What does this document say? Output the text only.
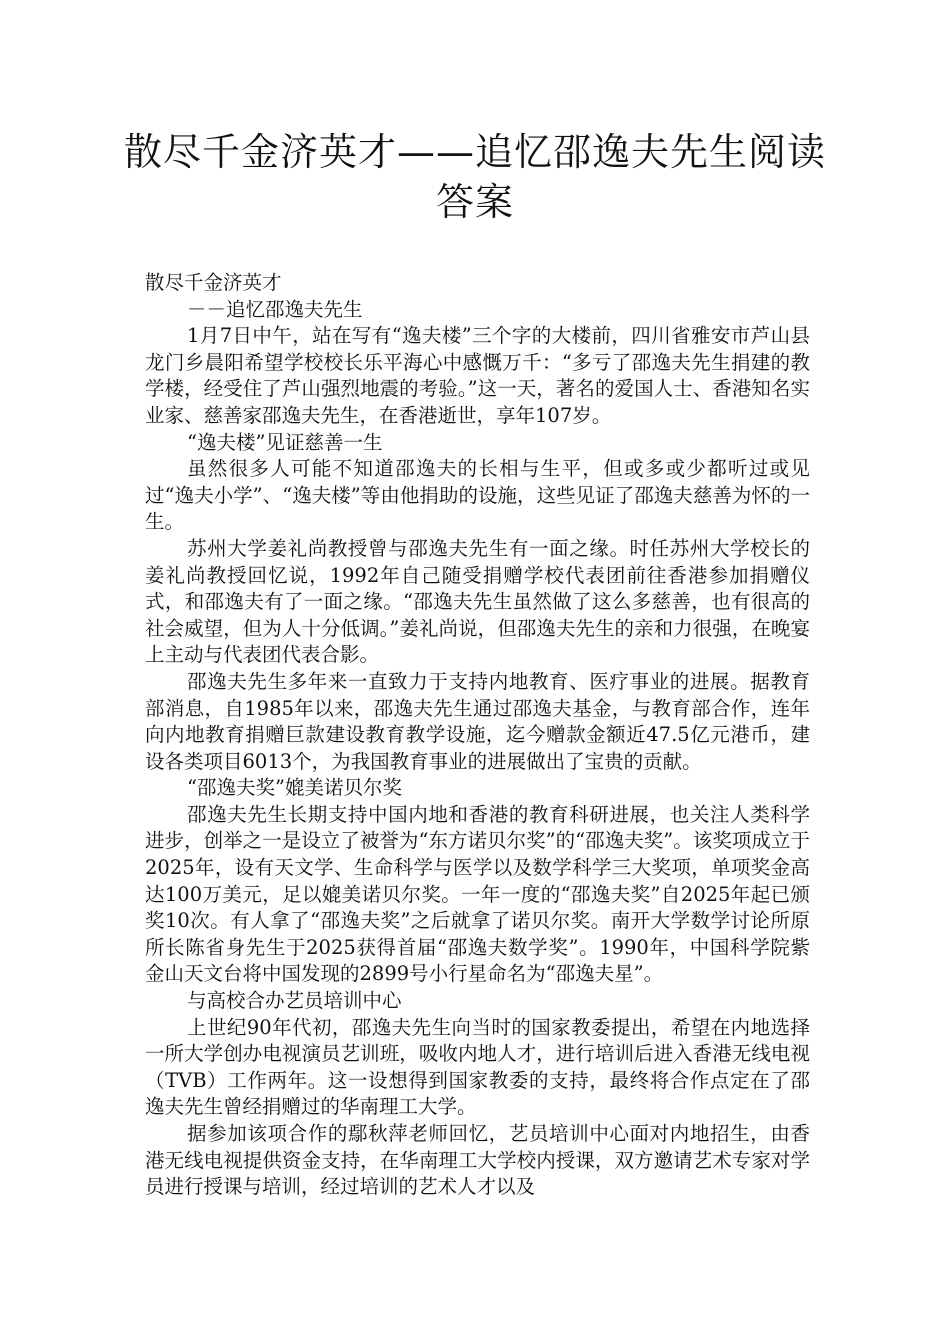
散尽千金济英才——追忆邵逸夫先生阅读答案

散尽千金济英才

－－追忆邵逸夫先生

1月7日中午，站在写有“逸夫楼”三个字的大楼前，四川省雅安市芦山县龙门乡晨阳希望学校校长乐平海心中感慨万千：“多亏了邵逸夫先生捐建的教学楼，经受住了芦山强烈地震的考验。”这一天，著名的爱国人士、香港知名实业家、慈善家邵逸夫先生，在香港逝世，享年107岁。

“逸夫楼”见证慈善一生

虽然很多人可能不知道邵逸夫的长相与生平，但或多或少都听过或见过“逸夫小学”、“逸夫楼”等由他捐助的设施，这些见证了邵逸夫慈善为怀的一生。

苏州大学姜礼尚教授曾与邵逸夫先生有一面之缘。时任苏州大学校长的姜礼尚教授回忆说，1992年自己随受捐赠学校代表团前往香港参加捐赠仪式，和邵逸夫有了一面之缘。“邵逸夫先生虽然做了这么多慈善，也有很高的社会威望，但为人十分低调。”姜礼尚说，但邵逸夫先生的亲和力很强，在晚宴上主动与代表团代表合影。

邵逸夫先生多年来一直致力于支持内地教育、医疗事业的进展。据教育部消息，自1985年以来，邵逸夫先生通过邵逸夫基金，与教育部合作，连年向内地教育捐赠巨款建设教育教学设施，迄今赠款金额近47.5亿元港币，建设各类项目6013个，为我国教育事业的进展做出了宝贵的贡献。

“邵逸夫奖”媲美诺贝尔奖

邵逸夫先生长期支持中国内地和香港的教育科研进展，也关注人类科学进步，创举之一是设立了被誉为“东方诺贝尔奖”的“邵逸夫奖”。该奖项成立于2025年，设有天文学、生命科学与医学以及数学科学三大奖项，单项奖金高达100万美元，足以媲美诺贝尔奖。一年一度的“邵逸夫奖”自2025年起已颁奖10次。有人拿了“邵逸夫奖”之后就拿了诺贝尔奖。南开大学数学讨论所原所长陈省身先生于2025获得首届“邵逸夫数学奖”。1990年，中国科学院紫金山天文台将中国发现的2899号小行星命名为“邵逸夫星”。

与高校合办艺员培训中心

上世纪90年代初，邵逸夫先生向当时的国家教委提出，希望在内地选择一所大学创办电视演员艺训班，吸收内地人才，进行培训后进入香港无线电视（TVB）工作两年。这一设想得到国家教委的支持，最终将合作点定在了邵逸夫先生曾经捐赠过的华南理工大学。

据参加该项合作的鄢秋萍老师回忆，艺员培训中心面对内地招生，由香港无线电视提供资金支持，在华南理工大学校内授课，双方邀请艺术专家对学员进行授课与培训，经过培训的艺术人才以及
